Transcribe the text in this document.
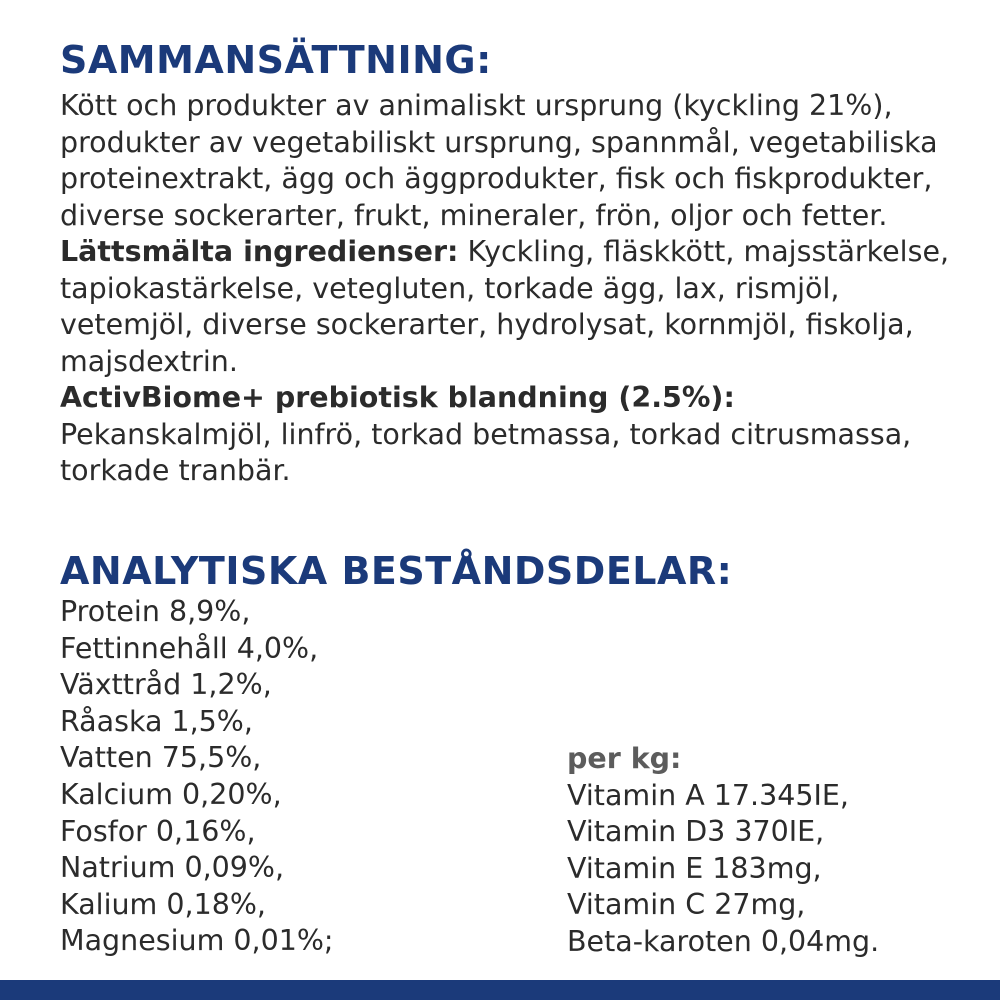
SAMMANSÄTTNING:

Kött och produkter av animaliskt ursprung (kyckling 21%), produkter av vegetabiliskt ursprung, spannmål, vegetabiliska proteinextrakt, ägg och äggprodukter, fisk och fiskprodukter, diverse sockerarter, frukt, mineraler, frön, oljor och fetter.

Lättsmälta ingredienser: Kyckling, fläskkött, majsstärkelse, tapiokastärkelse, vetegluten, torkade ägg, lax, rismjöl, vetemjöl, diverse sockerarter, hydrolysat, kornmjöl, fiskolja, majsdextrin.

ActivBiome+ prebiotisk blandning (2.5%):

Pekanskalmjöl, linfrö, torkad betmassa, torkad citrusmassa, torkade tranbär.

ANALYTISKA BESTÅNDSDELAR:
Protein 8,9%,
Fettinnehåll 4,0%,
Växttråd 1,2%,
Råaska 1,5%,
Vatten 75,5%,
Kalcium 0,20%,
Fosfor 0,16%,
Natrium 0,09%,
Kalium 0,18%,
Magnesium 0,01%;
per kg:
Vitamin A 17.345IE,
Vitamin D3 370IE,
Vitamin E 183mg,
Vitamin C 27mg,
Beta-karoten 0,04mg.
